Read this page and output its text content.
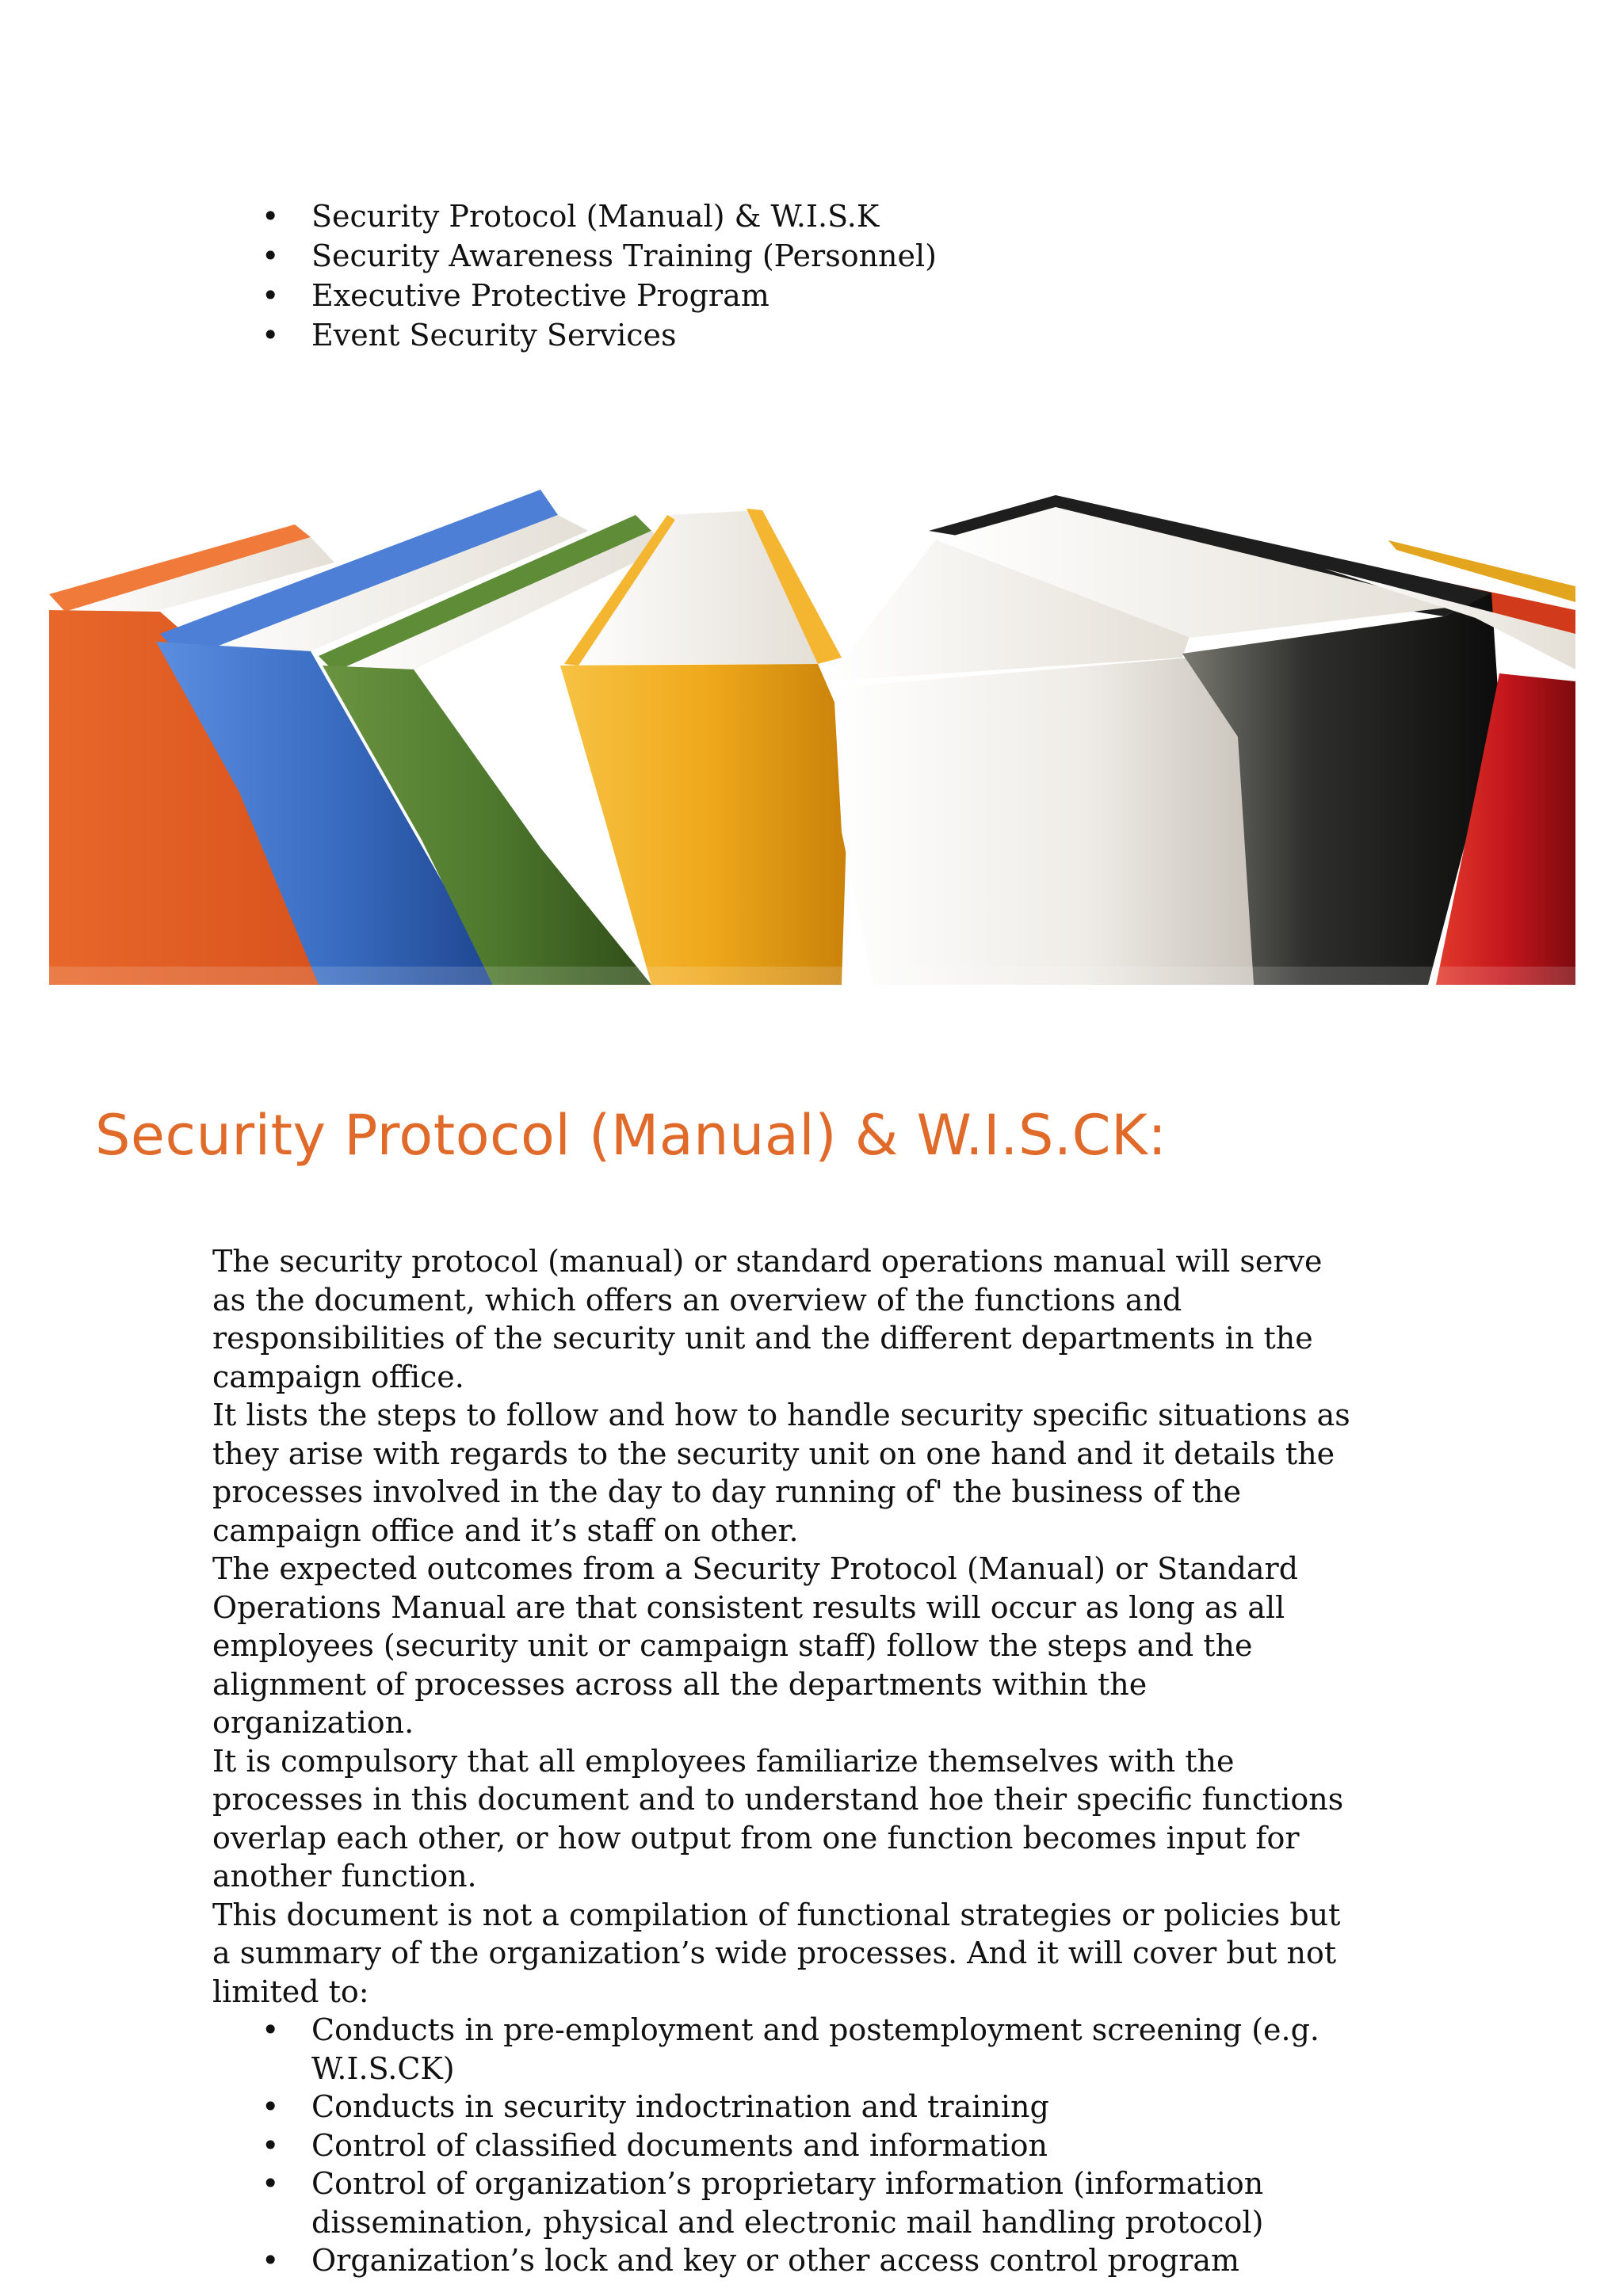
• Security Protocol (Manual) & W.I.S.K
• Security Awareness Training (Personnel)
• Executive Protective Program
• Event Security Services
Security Protocol (Manual) & W.I.S.CK:

The security protocol (manual) or standard operations manual will serve as the document, which offers an overview of the functions and responsibilities of the security unit and the different departments in the campaign office.

It lists the steps to follow and how to handle security specific situations as they arise with regards to the security unit on one hand and it details the processes involved in the day to day running of' the business of the campaign office and it’s staff on other.

The expected outcomes from a Security Protocol (Manual) or Standard Operations Manual are that consistent results will occur as long as all employees (security unit or campaign staff) follow the steps and the alignment of processes across all the departments within the organization.

It is compulsory that all employees familiarize themselves with the processes in this document and to understand hoe their specific functions overlap each other, or how output from one function becomes input for another function.

This document is not a compilation of functional strategies or policies but a summary of the organization’s wide processes. And it will cover but not limited to:

• Conducts in pre-employment and postemployment screening (e.g. W.I.S.CK)
• Conducts in security indoctrination and training
• Control of classified documents and information
• Control of organization’s proprietary information (information dissemination, physical and electronic mail handling protocol)
• Organization’s lock and key or other access control program
